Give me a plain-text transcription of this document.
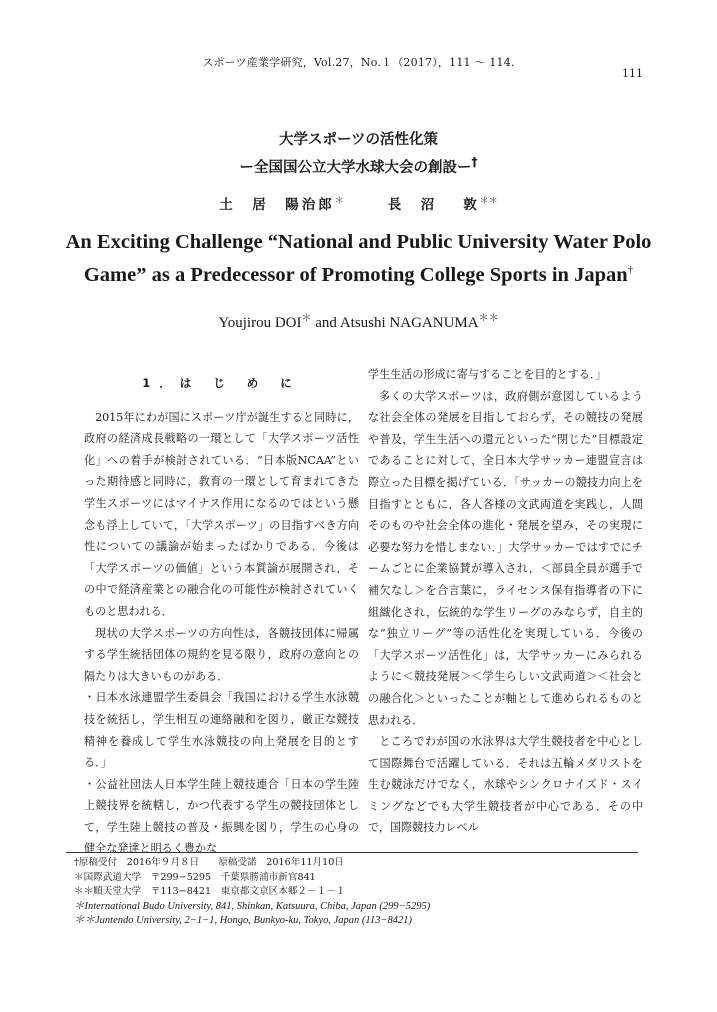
スポーツ産業学研究，Vol.27，No.１（2017），111 ～ 114.
111
大学スポーツの活性化策
ー全国国公立大学水球大会の創設ー†
土　居　陽治郎＊	長　沼 敦＊＊
An Exciting Challenge “National and Public University Water Polo
Game” as a Predecessor of Promoting College Sports in Japan†
Youjirou DOI＊ and Atsushi NAGANUMA＊＊
1．は じ め に

2015年にわが国にスポーツ庁が誕生すると同時に，政府の経済成長戦略の一環として「大学スポーツ活性化」への着手が検討されている．“日本版NCAA”といった期待感と同時に，教育の一環として育まれてきた学生スポーツにはマイナス作用になるのではという懸念も浮上していて，「大学スポーツ」の目指すべき方向性についての議論が始まったばかりである．今後は「大学スポーツの価値」という本質論が展開され，その中で経済産業との融合化の可能性が検討されていくものと思われる．

現状の大学スポーツの方向性は，各競技団体に帰属する学生統括団体の規約を見る限り，政府の意向との隔たりは大きいものがある．

・日本水泳連盟学生委員会「我国における学生水泳競技を統括し，学生相互の連絡融和を図り，厳正な競技精神を養成して学生水泳競技の向上発展を目的とする．」

・公益社団法人日本学生陸上競技連合「日本の学生陸上競技界を統轄し，かつ代表する学生の競技団体として，学生陸上競技の普及・振興を図り，学生の心身の健全な発達と明るく豊かな

学生生活の形成に寄与することを目的とする．」

多くの大学スポーツは，政府側が意図しているような社会全体の発展を目指しておらず，その競技の発展や普及，学生生活への還元といった“閉じた”目標設定であることに対して，全日本大学サッカー連盟宣言は際立った目標を掲げている．「サッカーの競技力向上を目指すとともに，各人各様の文武両道を実践し，人間そのものや社会全体の進化・発展を望み，その実現に必要な努力を惜しまない．」大学サッカーではすでにチームごとに企業協賛が導入され，＜部員全員が選手で補欠なし＞を合言葉に，ライセンス保有指導者の下に組織化され，伝統的な学生リーグのみならず，自主的な“独立リーグ”等の活性化を実現している．今後の「大学スポーツ活性化」は，大学サッカーにみられるように＜競技発展＞＜学生らしい文武両道＞＜社会との融合化＞といったことが軸として進められるものと思われる．

ところでわが国の水泳界は大学生競技者を中心として国際舞台で活躍している．それは五輪メダリストを生む競泳だけでなく，水球やシンクロナイズド・スイミングなどでも大学生競技者が中心である．その中で，国際競技力レベル

†原稿受付　2016年９月８日　　原稿受諾　2016年11月10日
＊国際武道大学　〒299−5295　千葉県勝浦市新官841
＊＊順天堂大学　〒113−8421　東京都文京区本郷２－１－１
＊International Budo University, 841, Shinkan, Katsuura, Chiba, Japan (299−5295)
＊＊Juntendo University, 2−1−1, Hongo, Bunkyo-ku, Tokyo, Japan (113−8421)
